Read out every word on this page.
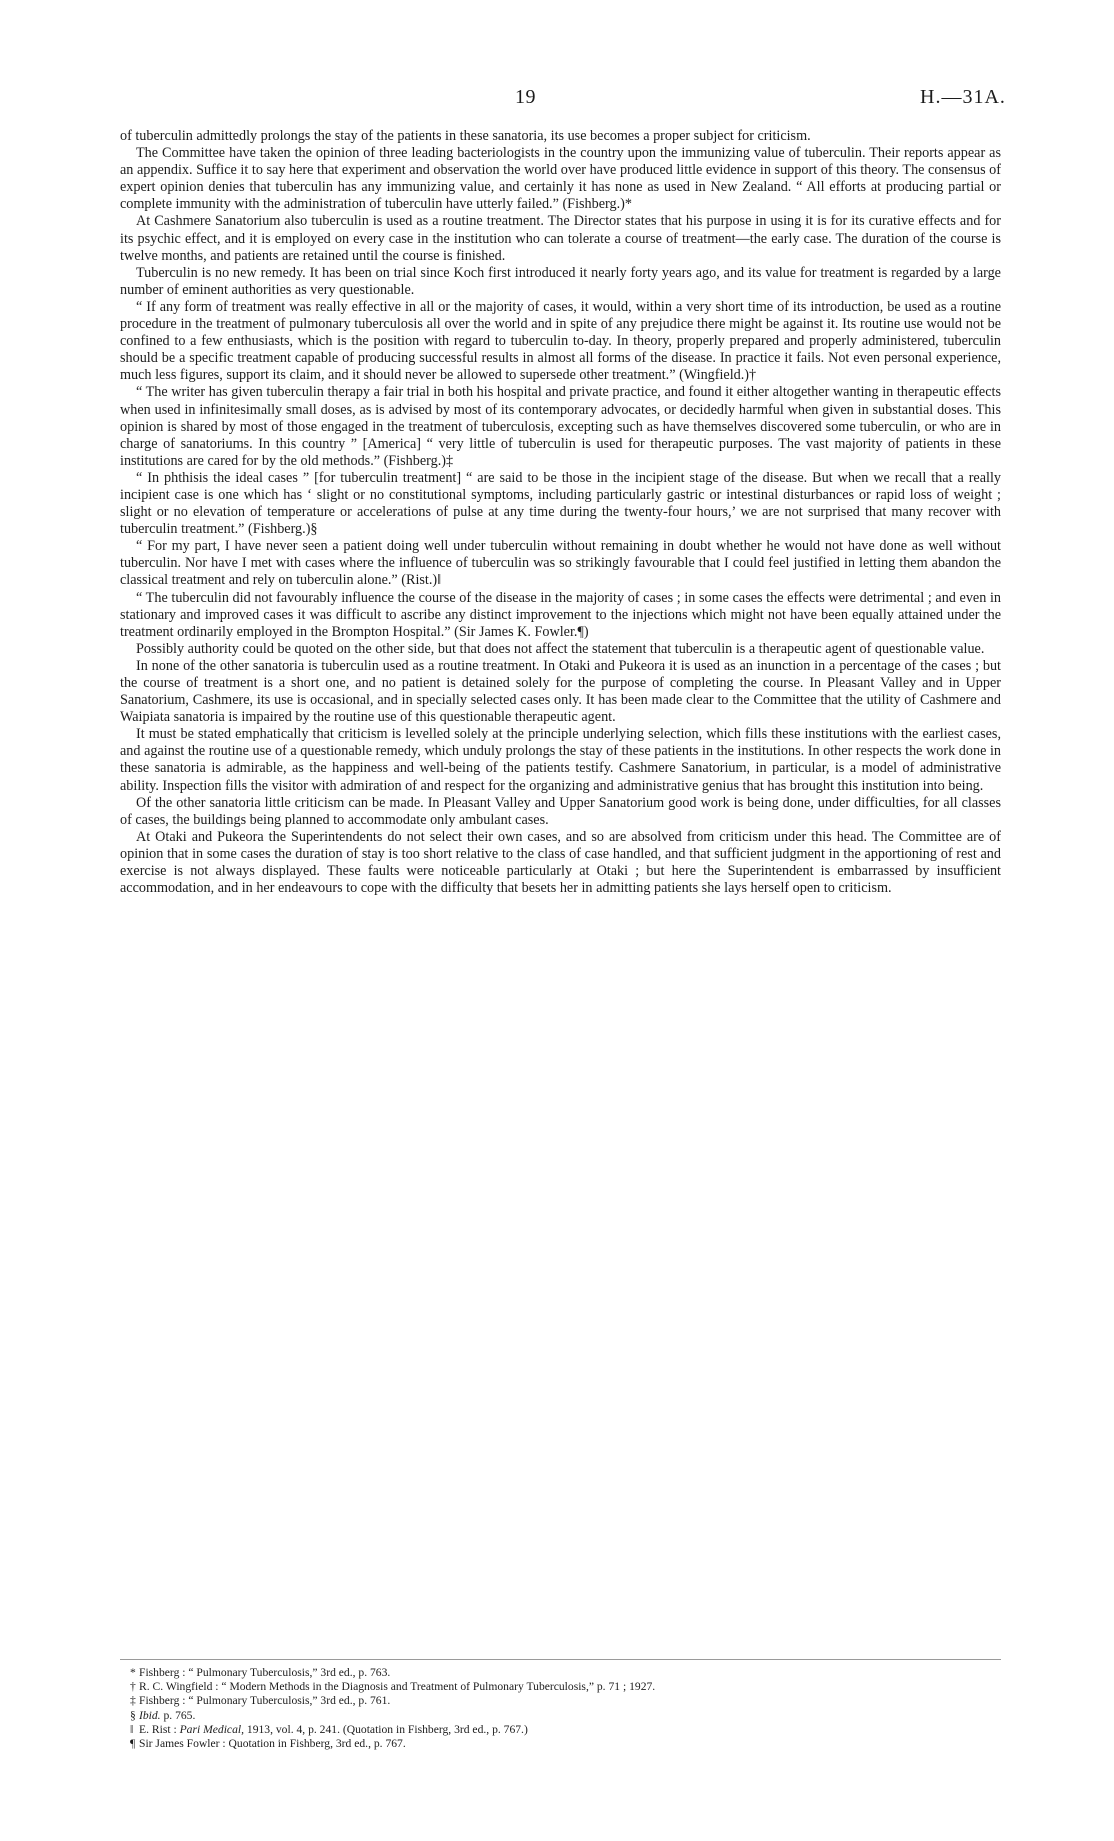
19	H.—31A.

of tuberculin admittedly prolongs the stay of the patients in these sanatoria, its use becomes a proper subject for criticism.

The Committee have taken the opinion of three leading bacteriologists in the country upon the immunizing value of tuberculin. Their reports appear as an appendix. Suffice it to say here that experiment and observation the world over have produced little evidence in support of this theory. The consensus of expert opinion denies that tuberculin has any immunizing value, and certainly it has none as used in New Zealand. “ All efforts at producing partial or complete immunity with the administration of tuberculin have utterly failed.” (Fishberg.)*

At Cashmere Sanatorium also tuberculin is used as a routine treatment. The Director states that his purpose in using it is for its curative effects and for its psychic effect, and it is employed on every case in the institution who can tolerate a course of treatment—the early case. The duration of the course is twelve months, and patients are retained until the course is finished.

Tuberculin is no new remedy. It has been on trial since Koch first introduced it nearly forty years ago, and its value for treatment is regarded by a large number of eminent authorities as very questionable.

“ If any form of treatment was really effective in all or the majority of cases, it would, within a very short time of its introduction, be used as a routine procedure in the treatment of pulmonary tuberculosis all over the world and in spite of any prejudice there might be against it. Its routine use would not be confined to a few enthusiasts, which is the position with regard to tuberculin to-day. In theory, properly prepared and properly administered, tuberculin should be a specific treatment capable of producing successful results in almost all forms of the disease. In practice it fails. Not even personal experience, much less figures, support its claim, and it should never be allowed to supersede other treatment.” (Wingfield.)†

“ The writer has given tuberculin therapy a fair trial in both his hospital and private practice, and found it either altogether wanting in therapeutic effects when used in infinitesimally small doses, as is advised by most of its contemporary advocates, or decidedly harmful when given in substantial doses. This opinion is shared by most of those engaged in the treatment of tuberculosis, excepting such as have themselves discovered some tuberculin, or who are in charge of sanatoriums. In this country ” [America] “ very little of tuberculin is used for therapeutic purposes. The vast majority of patients in these institutions are cared for by the old methods.” (Fishberg.)‡

“ In phthisis the ideal cases ” [for tuberculin treatment] “ are said to be those in the incipient stage of the disease. But when we recall that a really incipient case is one which has ‘ slight or no constitutional symptoms, including particularly gastric or intestinal disturbances or rapid loss of weight ; slight or no elevation of temperature or accelerations of pulse at any time during the twenty-four hours,’ we are not surprised that many recover with tuberculin treatment.” (Fishberg.)§

“ For my part, I have never seen a patient doing well under tuberculin without remaining in doubt whether he would not have done as well without tuberculin. Nor have I met with cases where the influence of tuberculin was so strikingly favourable that I could feel justified in letting them abandon the classical treatment and rely on tuberculin alone.” (Rist.)‖

“ The tuberculin did not favourably influence the course of the disease in the majority of cases ; in some cases the effects were detrimental ; and even in stationary and improved cases it was difficult to ascribe any distinct improvement to the injections which might not have been equally attained under the treatment ordinarily employed in the Brompton Hospital.” (Sir James K. Fowler.¶)

Possibly authority could be quoted on the other side, but that does not affect the statement that tuberculin is a therapeutic agent of questionable value.

In none of the other sanatoria is tuberculin used as a routine treatment. In Otaki and Pukeora it is used as an inunction in a percentage of the cases ; but the course of treatment is a short one, and no patient is detained solely for the purpose of completing the course. In Pleasant Valley and in Upper Sanatorium, Cashmere, its use is occasional, and in specially selected cases only. It has been made clear to the Committee that the utility of Cashmere and Waipiata sanatoria is impaired by the routine use of this questionable therapeutic agent.

It must be stated emphatically that criticism is levelled solely at the principle underlying selection, which fills these institutions with the earliest cases, and against the routine use of a questionable remedy, which unduly prolongs the stay of these patients in the institutions. In other respects the work done in these sanatoria is admirable, as the happiness and well-being of the patients testify. Cashmere Sanatorium, in particular, is a model of administrative ability. Inspection fills the visitor with admiration of and respect for the organizing and administrative genius that has brought this institution into being.

Of the other sanatoria little criticism can be made. In Pleasant Valley and Upper Sanatorium good work is being done, under difficulties, for all classes of cases, the buildings being planned to accommodate only ambulant cases.

At Otaki and Pukeora the Superintendents do not select their own cases, and so are absolved from criticism under this head. The Committee are of opinion that in some cases the duration of stay is too short relative to the class of case handled, and that sufficient judgment in the apportioning of rest and exercise is not always displayed. These faults were noticeable particularly at Otaki ; but here the Superintendent is embarrassed by insufficient accommodation, and in her endeavours to cope with the difficulty that besets her in admitting patients she lays herself open to criticism.

* Fishberg : “ Pulmonary Tuberculosis,” 3rd ed., p. 763.
† R. C. Wingfield : “ Modern Methods in the Diagnosis and Treatment of Pulmonary Tuberculosis,” p. 71 ; 1927.
‡ Fishberg : “ Pulmonary Tuberculosis,” 3rd ed., p. 761.
§ Ibid. p. 765.
‖ E. Rist : Pari Medical, 1913, vol. 4, p. 241. (Quotation in Fishberg, 3rd ed., p. 767.)
¶ Sir James Fowler : Quotation in Fishberg, 3rd ed., p. 767.
